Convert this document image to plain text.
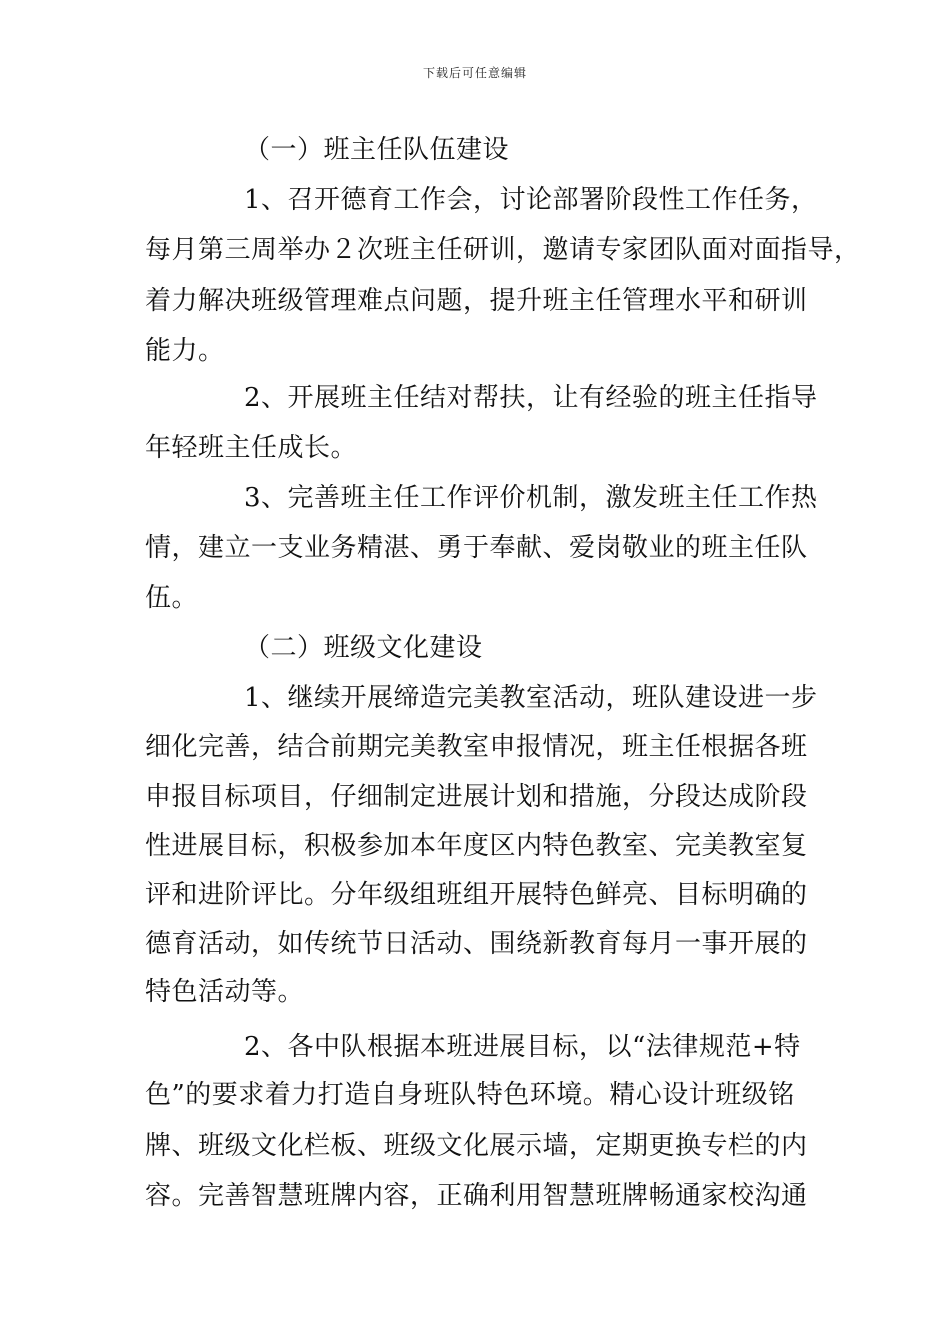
下载后可任意编辑
（一）班主任队伍建设
1、召开德育工作会，讨论部署阶段性工作任务，
每月第三周举办２次班主任研训，邀请专家团队面对面指导，
着力解决班级管理难点问题，提升班主任管理水平和研训
能力。
2、开展班主任结对帮扶，让有经验的班主任指导
年轻班主任成长。
3、完善班主任工作评价机制，激发班主任工作热
情，建立一支业务精湛、勇于奉献、爱岗敬业的班主任队
伍。
（二）班级文化建设
1、继续开展缔造完美教室活动，班队建设进一步
细化完善，结合前期完美教室申报情况，班主任根据各班
申报目标项目，仔细制定进展计划和措施，分段达成阶段
性进展目标，积极参加本年度区内特色教室、完美教室复
评和进阶评比。分年级组班组开展特色鲜亮、目标明确的
德育活动，如传统节日活动、围绕新教育每月一事开展的
特色活动等。
2、各中队根据本班进展目标，以“法律规范+特
色”的要求着力打造自身班队特色环境。精心设计班级铭
牌、班级文化栏板、班级文化展示墙，定期更换专栏的内
容。完善智慧班牌内容，正确利用智慧班牌畅通家校沟通
